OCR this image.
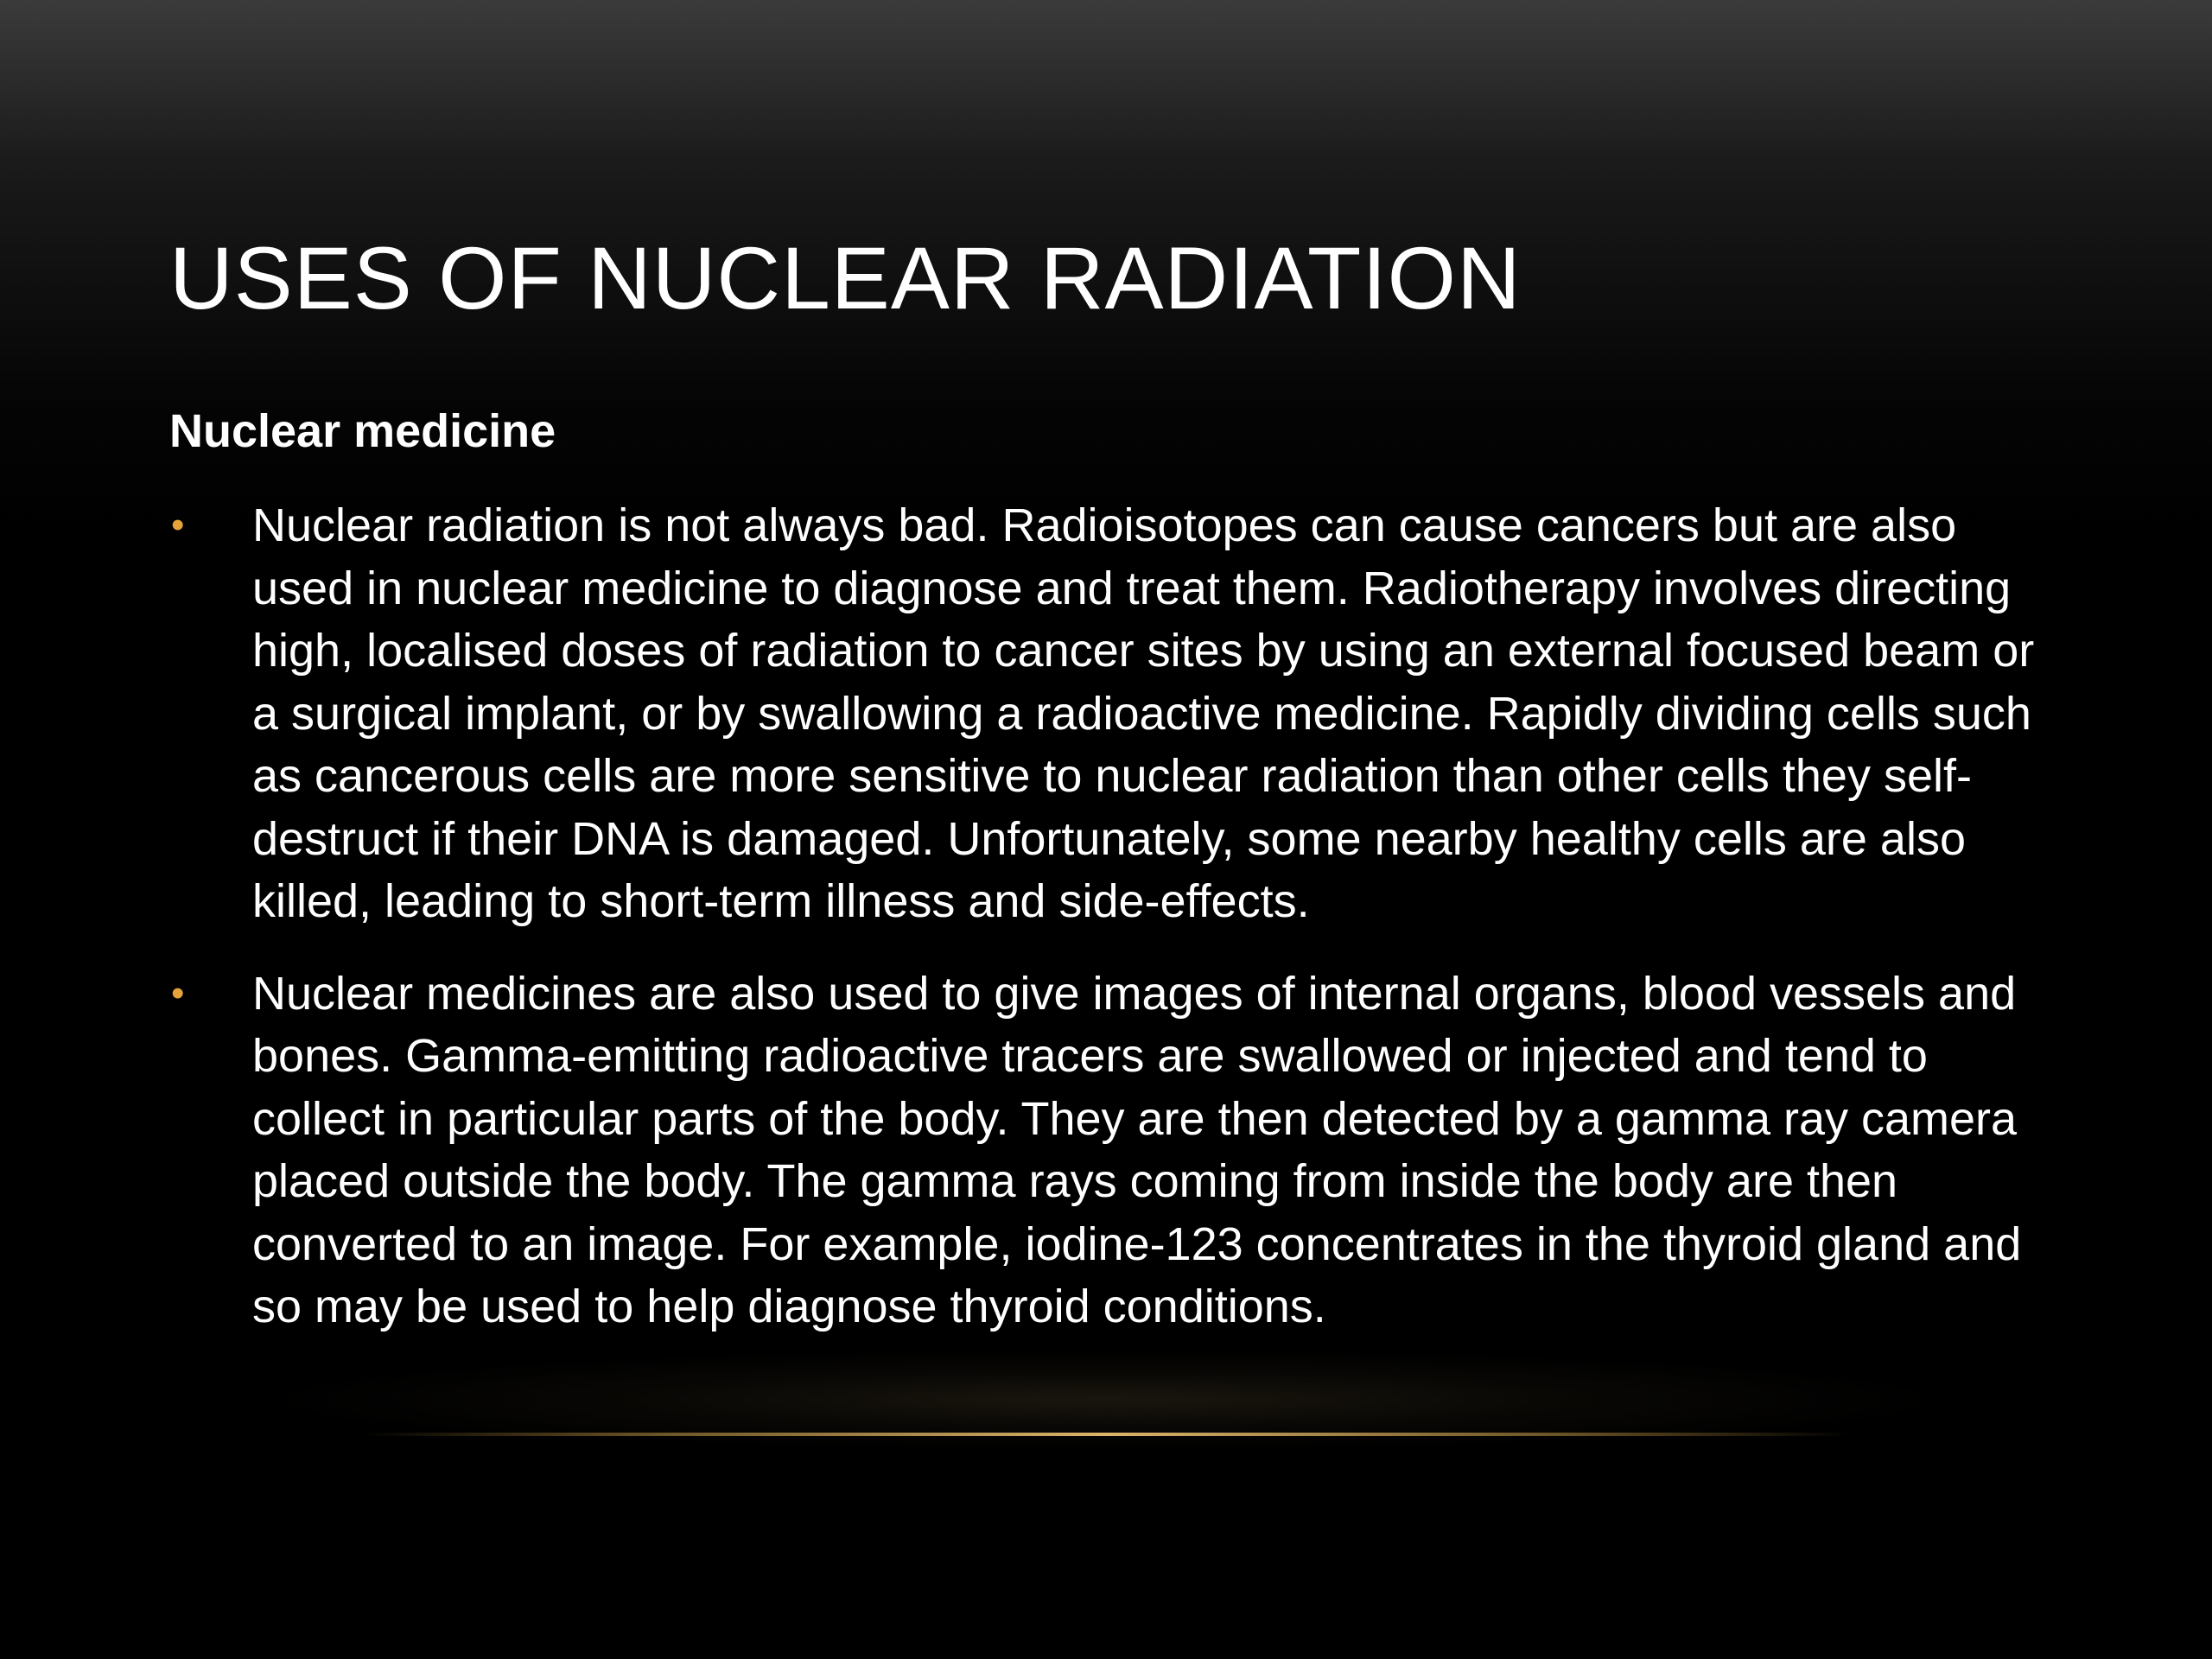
USES OF NUCLEAR RADIATION
Nuclear medicine
• Nuclear radiation is not always bad. Radioisotopes can cause cancers but are also used in nuclear medicine to diagnose and treat them. Radiotherapy involves directing high, localised doses of radiation to cancer sites by using an external focused beam or a surgical implant, or by swallowing a radioactive medicine. Rapidly dividing cells such as cancerous cells are more sensitive to nuclear radiation than other cells they self-destruct if their DNA is damaged. Unfortunately, some nearby healthy cells are also killed, leading to short-term illness and side-effects.
• Nuclear medicines are also used to give images of internal organs, blood vessels and bones. Gamma-emitting radioactive tracers are swallowed or injected and tend to collect in particular parts of the body. They are then detected by a gamma ray camera placed outside the body. The gamma rays coming from inside the body are then converted to an image. For example, iodine-123 concentrates in the thyroid gland and so may be used to help diagnose thyroid conditions.
